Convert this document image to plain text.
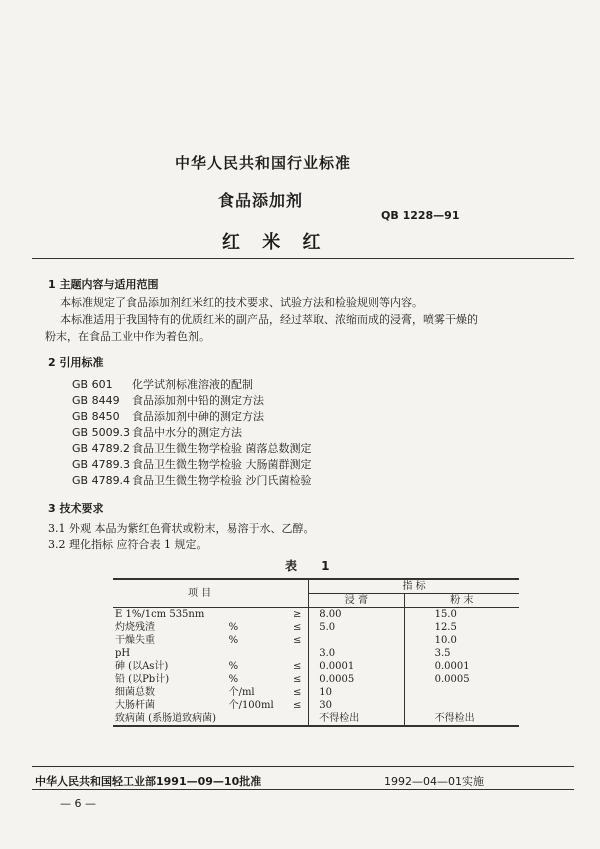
中华人民共和国行业标准
食品添加剂
QB 1228—91
红 米 红
1 主题内容与适用范围
本标准规定了食品添加剂红米红的技术要求、试验方法和检验规则等内容。
本标准适用于我国特有的优质红米的副产品，经过萃取、浓缩而成的浸膏，喷雾干燥的
粉末，在食品工业中作为着色剂。
2 引用标准
GB 601 化学试剂标准溶液的配制
GB 8449 食品添加剂中铅的测定方法
GB 8450 食品添加剂中砷的测定方法
GB 5009.3 食品中水分的测定方法
GB 4789.2 食品卫生微生物学检验 菌落总数测定
GB 4789.3 食品卫生微生物学检验 大肠菌群测定
GB 4789.4 食品卫生微生物学检验 沙门氏菌检验
3 技术要求
3.1 外观 本品为紫红色膏状或粉末，易溶于水、乙醇。
3.2 理化指标 应符合表 1 规定。
表 1
项 目			指 标	
			浸 膏	粉 末
E 1%/1cm 535nm		≥	8.00	15.0
灼烧残渣	%	≤	5.0	12.5
干燥失重	%	≤		10.0
pH			3.0	3.5
砷 (以As计)	%	≤	0.0001	0.0001
铅 (以Pb计)	%	≤	0.0005	0.0005
细菌总数	个/ml	≤	10	
大肠杆菌	个/100ml	≤	30	
致病菌 (系肠道致病菌)			不得检出	不得检出
中华人民共和国轻工业部1991—09—10批准	1992—04—01实施
— 6 —
